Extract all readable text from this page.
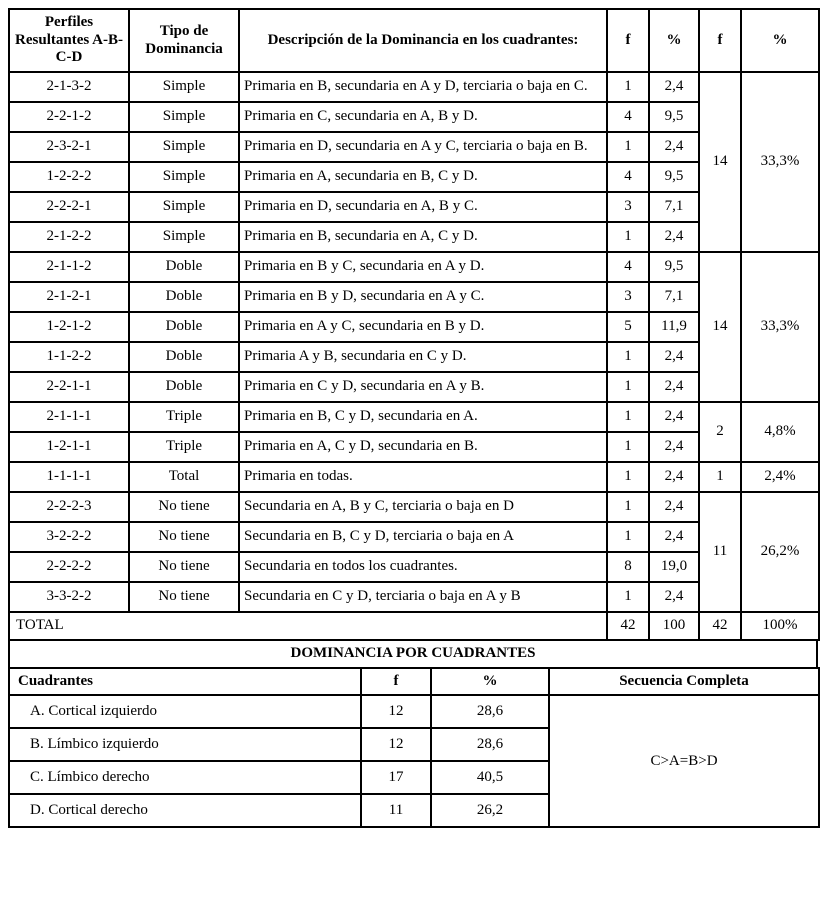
Perfiles Resultantes A-B-C-D	Tipo de Dominancia	Descripción de la Dominancia en los cuadrantes:	f	%	f	%
2-1-3-2	Simple	Primaria en B, secundaria en A y D, terciaria o baja en C.	1	2,4	14	33,3%
2-2-1-2	Simple	Primaria en C, secundaria en A, B y D.	4	9,5		
2-3-2-1	Simple	Primaria en D, secundaria en A y C, terciaria o baja en B.	1	2,4		
1-2-2-2	Simple	Primaria en A, secundaria en B, C y D.	4	9,5		
2-2-2-1	Simple	Primaria en D, secundaria en A, B y C.	3	7,1		
2-1-2-2	Simple	Primaria en B, secundaria en A, C y D.	1	2,4		
2-1-1-2	Doble	Primaria en B y C, secundaria en A y D.	4	9,5	14	33,3%
2-1-2-1	Doble	Primaria en B y D, secundaria en A y C.	3	7,1		
1-2-1-2	Doble	Primaria en A y C, secundaria en B y D.	5	11,9		
1-1-2-2	Doble	Primaria A y B, secundaria en C y D.	1	2,4		
2-2-1-1	Doble	Primaria en C y D, secundaria en A y B.	1	2,4		
2-1-1-1	Triple	Primaria en B, C y D, secundaria en A.	1	2,4	2	4,8%
1-2-1-1	Triple	Primaria en A, C y D, secundaria en B.	1	2,4		
1-1-1-1	Total	Primaria en todas.	1	2,4	1	2,4%
2-2-2-3	No tiene	Secundaria en A, B y C, terciaria o baja en D	1	2,4	11	26,2%
3-2-2-2	No tiene	Secundaria en B, C y D, terciaria o baja en A	1	2,4		
2-2-2-2	No tiene	Secundaria en todos los cuadrantes.	8	19,0		
3-3-2-2	No tiene	Secundaria en C y D, terciaria o baja en A y B	1	2,4		
TOTAL			42	100	42	100%
DOMINANCIA POR CUADRANTES
Cuadrantes	f	%	Secuencia Completa
A. Cortical izquierdo	12	28,6	C>A=B>D
B. Límbico izquierdo	12	28,6	
C. Límbico derecho	17	40,5	
D. Cortical derecho	11	26,2	
